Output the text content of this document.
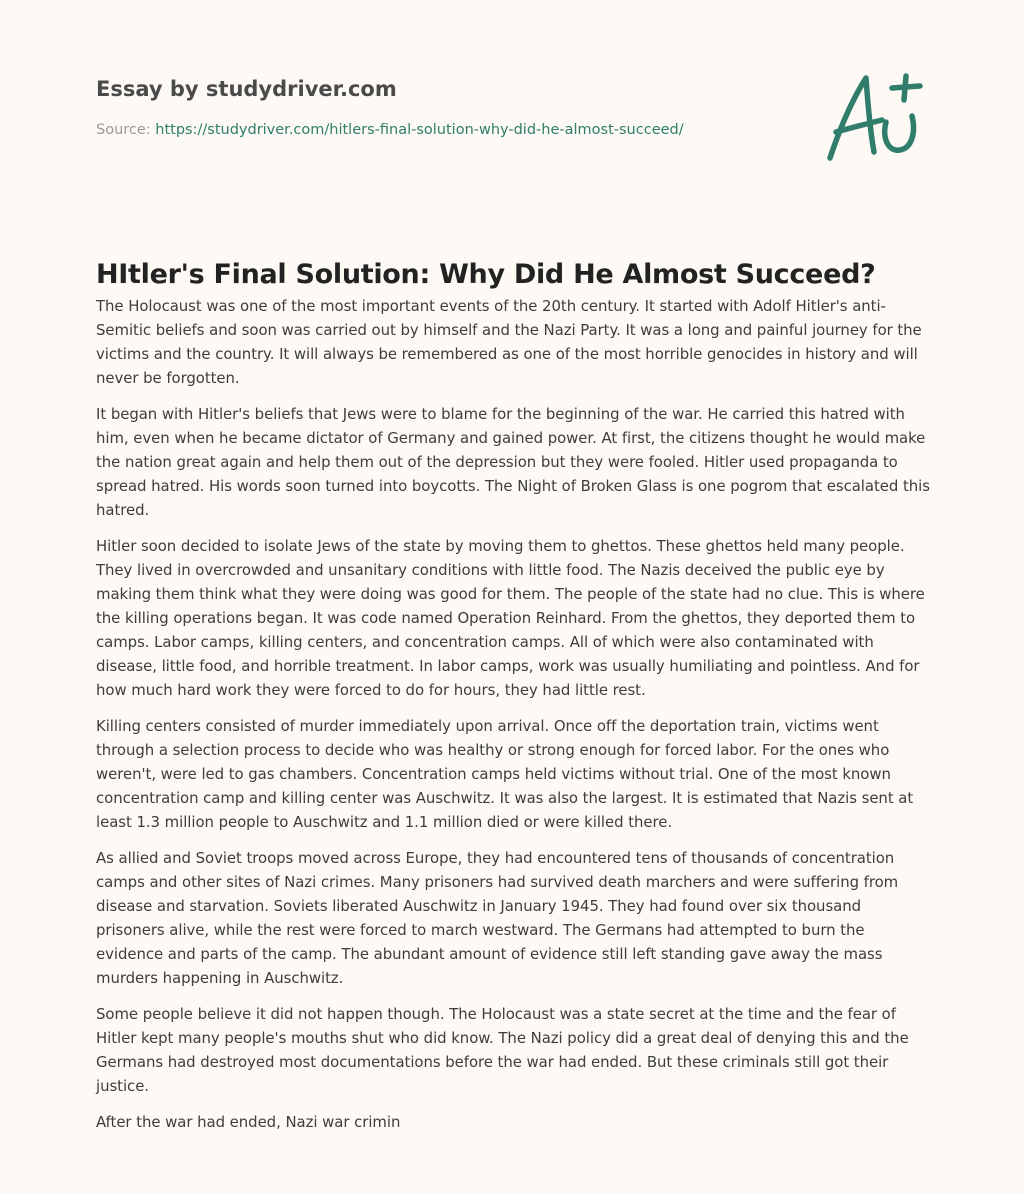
Essay by studydriver.com
Source: https://studydriver.com/hitlers-final-solution-why-did-he-almost-succeed/
HItler's Final Solution: Why Did He Almost Succeed?

The Holocaust was one of the most important events of the 20th century. It started with Adolf Hitler's anti-Semitic beliefs and soon was carried out by himself and the Nazi Party. It was a long and painful journey for the victims and the country. It will always be remembered as one of the most horrible genocides in history and will never be forgotten.

It began with Hitler's beliefs that Jews were to blame for the beginning of the war. He carried this hatred with him, even when he became dictator of Germany and gained power. At first, the citizens thought he would make the nation great again and help them out of the depression but they were fooled. Hitler used propaganda to spread hatred. His words soon turned into boycotts. The Night of Broken Glass is one pogrom that escalated this hatred.

Hitler soon decided to isolate Jews of the state by moving them to ghettos. These ghettos held many people. They lived in overcrowded and unsanitary conditions with little food. The Nazis deceived the public eye by making them think what they were doing was good for them. The people of the state had no clue. This is where the killing operations began. It was code named Operation Reinhard. From the ghettos, they deported them to camps. Labor camps, killing centers, and concentration camps. All of which were also contaminated with disease, little food, and horrible treatment. In labor camps, work was usually humiliating and pointless. And for how much hard work they were forced to do for hours, they had little rest.

Killing centers consisted of murder immediately upon arrival. Once off the deportation train, victims went through a selection process to decide who was healthy or strong enough for forced labor. For the ones who weren't, were led to gas chambers. Concentration camps held victims without trial. One of the most known concentration camp and killing center was Auschwitz. It was also the largest. It is estimated that Nazis sent at least 1.3 million people to Auschwitz and 1.1 million died or were killed there.

As allied and Soviet troops moved across Europe, they had encountered tens of thousands of concentration camps and other sites of Nazi crimes. Many prisoners had survived death marchers and were suffering from disease and starvation. Soviets liberated Auschwitz in January 1945. They had found over six thousand prisoners alive, while the rest were forced to march westward. The Germans had attempted to burn the evidence and parts of the camp. The abundant amount of evidence still left standing gave away the mass murders happening in Auschwitz.

Some people believe it did not happen though. The Holocaust was a state secret at the time and the fear of Hitler kept many people's mouths shut who did know. The Nazi policy did a great deal of denying this and the Germans had destroyed most documentations before the war had ended. But these criminals still got their justice.

After the war had ended, Nazi war crimin
